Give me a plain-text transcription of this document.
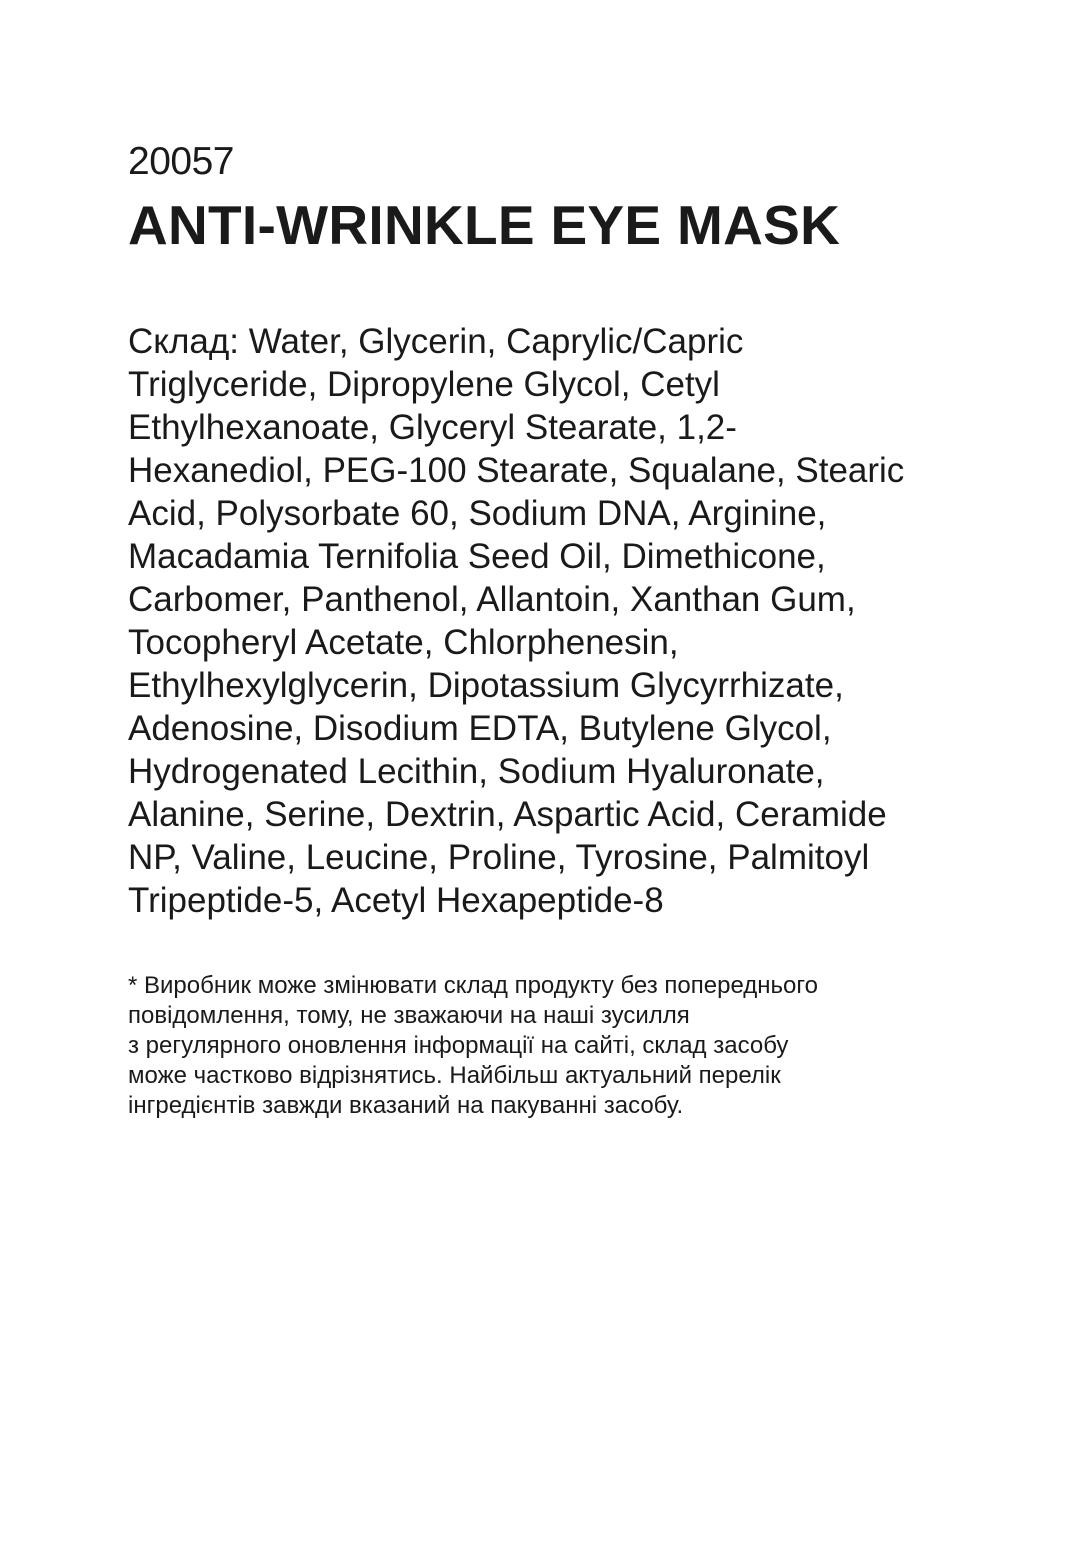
20057
ANTI-WRINKLE EYE MASK
Склад: Water, Glycerin, Caprylic/Capric
Triglyceride, Dipropylene Glycol, Cetyl
Ethylhexanoate, Glyceryl Stearate, 1,2-
Hexanediol, PEG-100 Stearate, Squalane, Stearic
Acid, Polysorbate 60, Sodium DNA, Arginine,
Macadamia Ternifolia Seed Oil, Dimethicone,
Carbomer, Panthenol, Allantoin, Xanthan Gum,
Tocopheryl Acetate, Chlorphenesin,
Ethylhexylglycerin, Dipotassium Glycyrrhizate,
Adenosine, Disodium EDTA, Butylene Glycol,
Hydrogenated Lecithin, Sodium Hyaluronate,
Alanine, Serine, Dextrin, Aspartic Acid, Ceramide
NP, Valine, Leucine, Proline, Tyrosine, Palmitoyl
Tripeptide-5, Acetyl Hexapeptide-8
* Виробник може змінювати склад продукту без попереднього
повідомлення, тому, не зважаючи на наші зусилля
з регулярного оновлення інформації на сайті, склад засобу
може частково відрізнятись. Найбільш актуальний перелік
інгредієнтів завжди вказаний на пакуванні засобу.
